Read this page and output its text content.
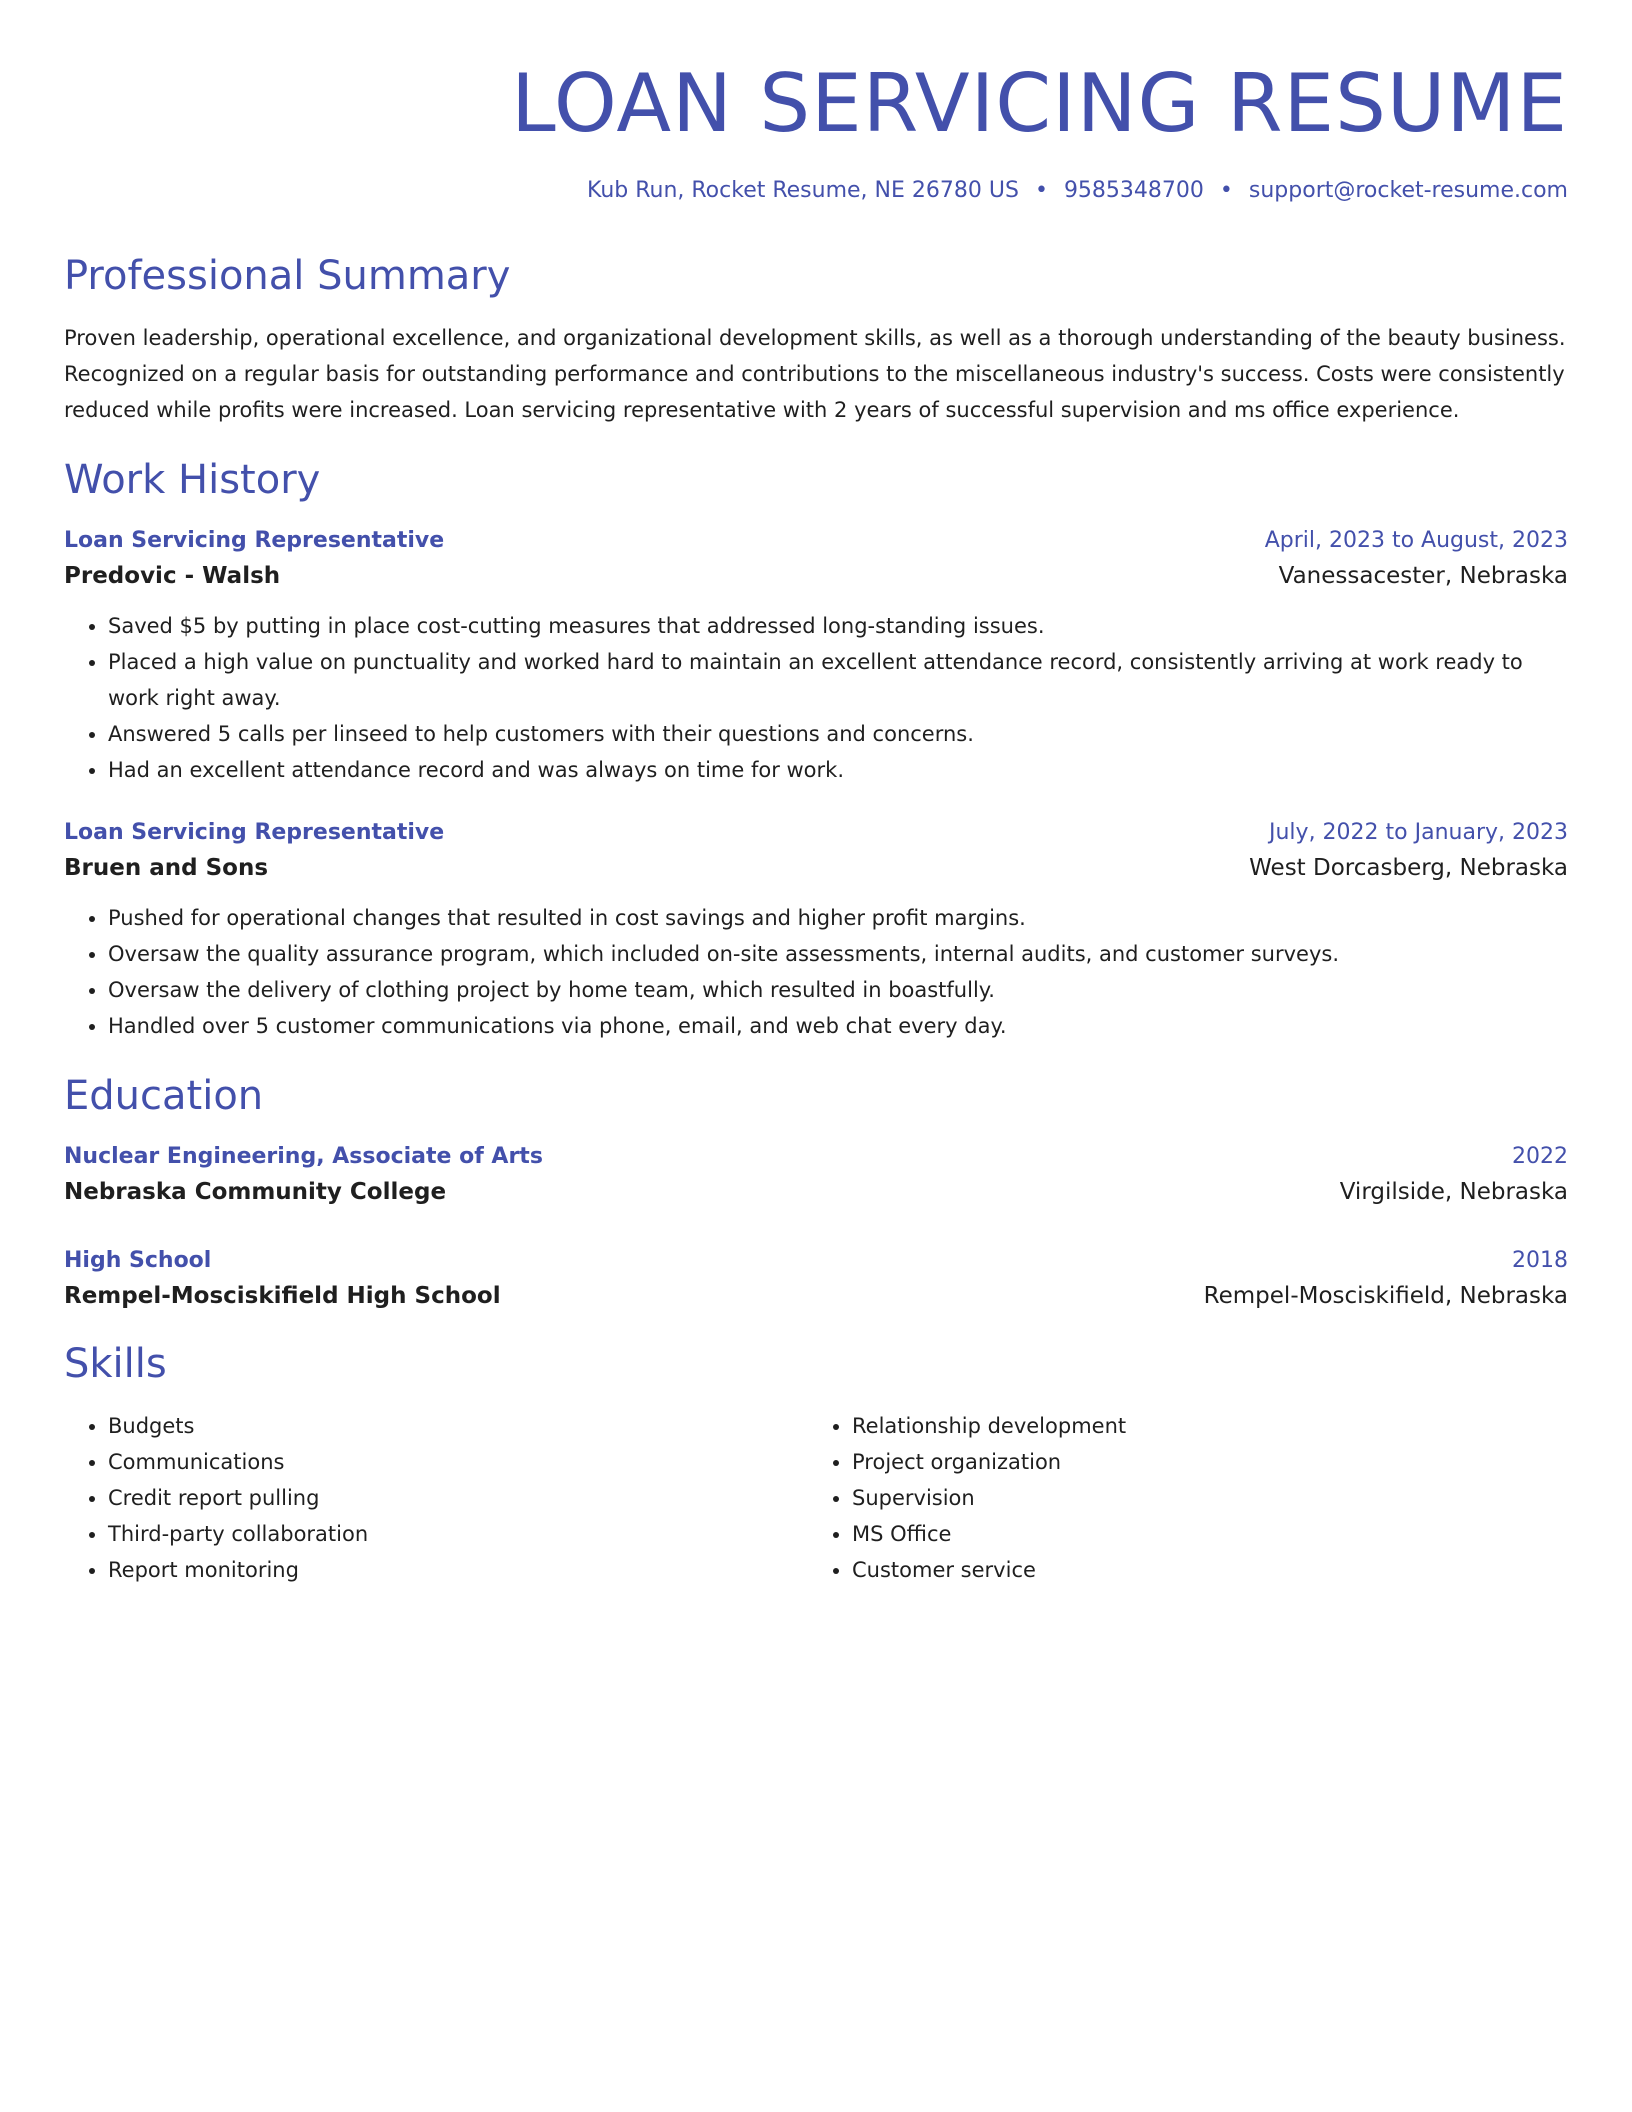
LOAN SERVICING RESUME
Kub Run, Rocket Resume, NE 26780 US • 9585348700 • support@rocket-resume.com
Professional Summary

Proven leadership, operational excellence, and organizational development skills, as well as a thorough understanding of the beauty business. Recognized on a regular basis for outstanding performance and contributions to the miscellaneous industry's success. Costs were consistently reduced while profits were increased. Loan servicing representative with 2 years of successful supervision and ms office experience.

Work History
Loan Servicing Representative	April, 2023 to August, 2023
Predovic - Walsh	Vanessacester, Nebraska
• Saved $5 by putting in place cost-cutting measures that addressed long-standing issues.
• Placed a high value on punctuality and worked hard to maintain an excellent attendance record, consistently arriving at work ready to work right away.
• Answered 5 calls per linseed to help customers with their questions and concerns.
• Had an excellent attendance record and was always on time for work.
Loan Servicing Representative	July, 2022 to January, 2023
Bruen and Sons	West Dorcasberg, Nebraska
• Pushed for operational changes that resulted in cost savings and higher profit margins.
• Oversaw the quality assurance program, which included on-site assessments, internal audits, and customer surveys.
• Oversaw the delivery of clothing project by home team, which resulted in boastfully.
• Handled over 5 customer communications via phone, email, and web chat every day.
Education
Nuclear Engineering, Associate of Arts	2022
Nebraska Community College	Virgilside, Nebraska
High School	2018
Rempel-Mosciskifield High School	Rempel-Mosciskifield, Nebraska
Skills
• Budgets
• Communications
• Credit report pulling
• Third-party collaboration
• Report monitoring
• Relationship development
• Project organization
• Supervision
• MS Office
• Customer service
